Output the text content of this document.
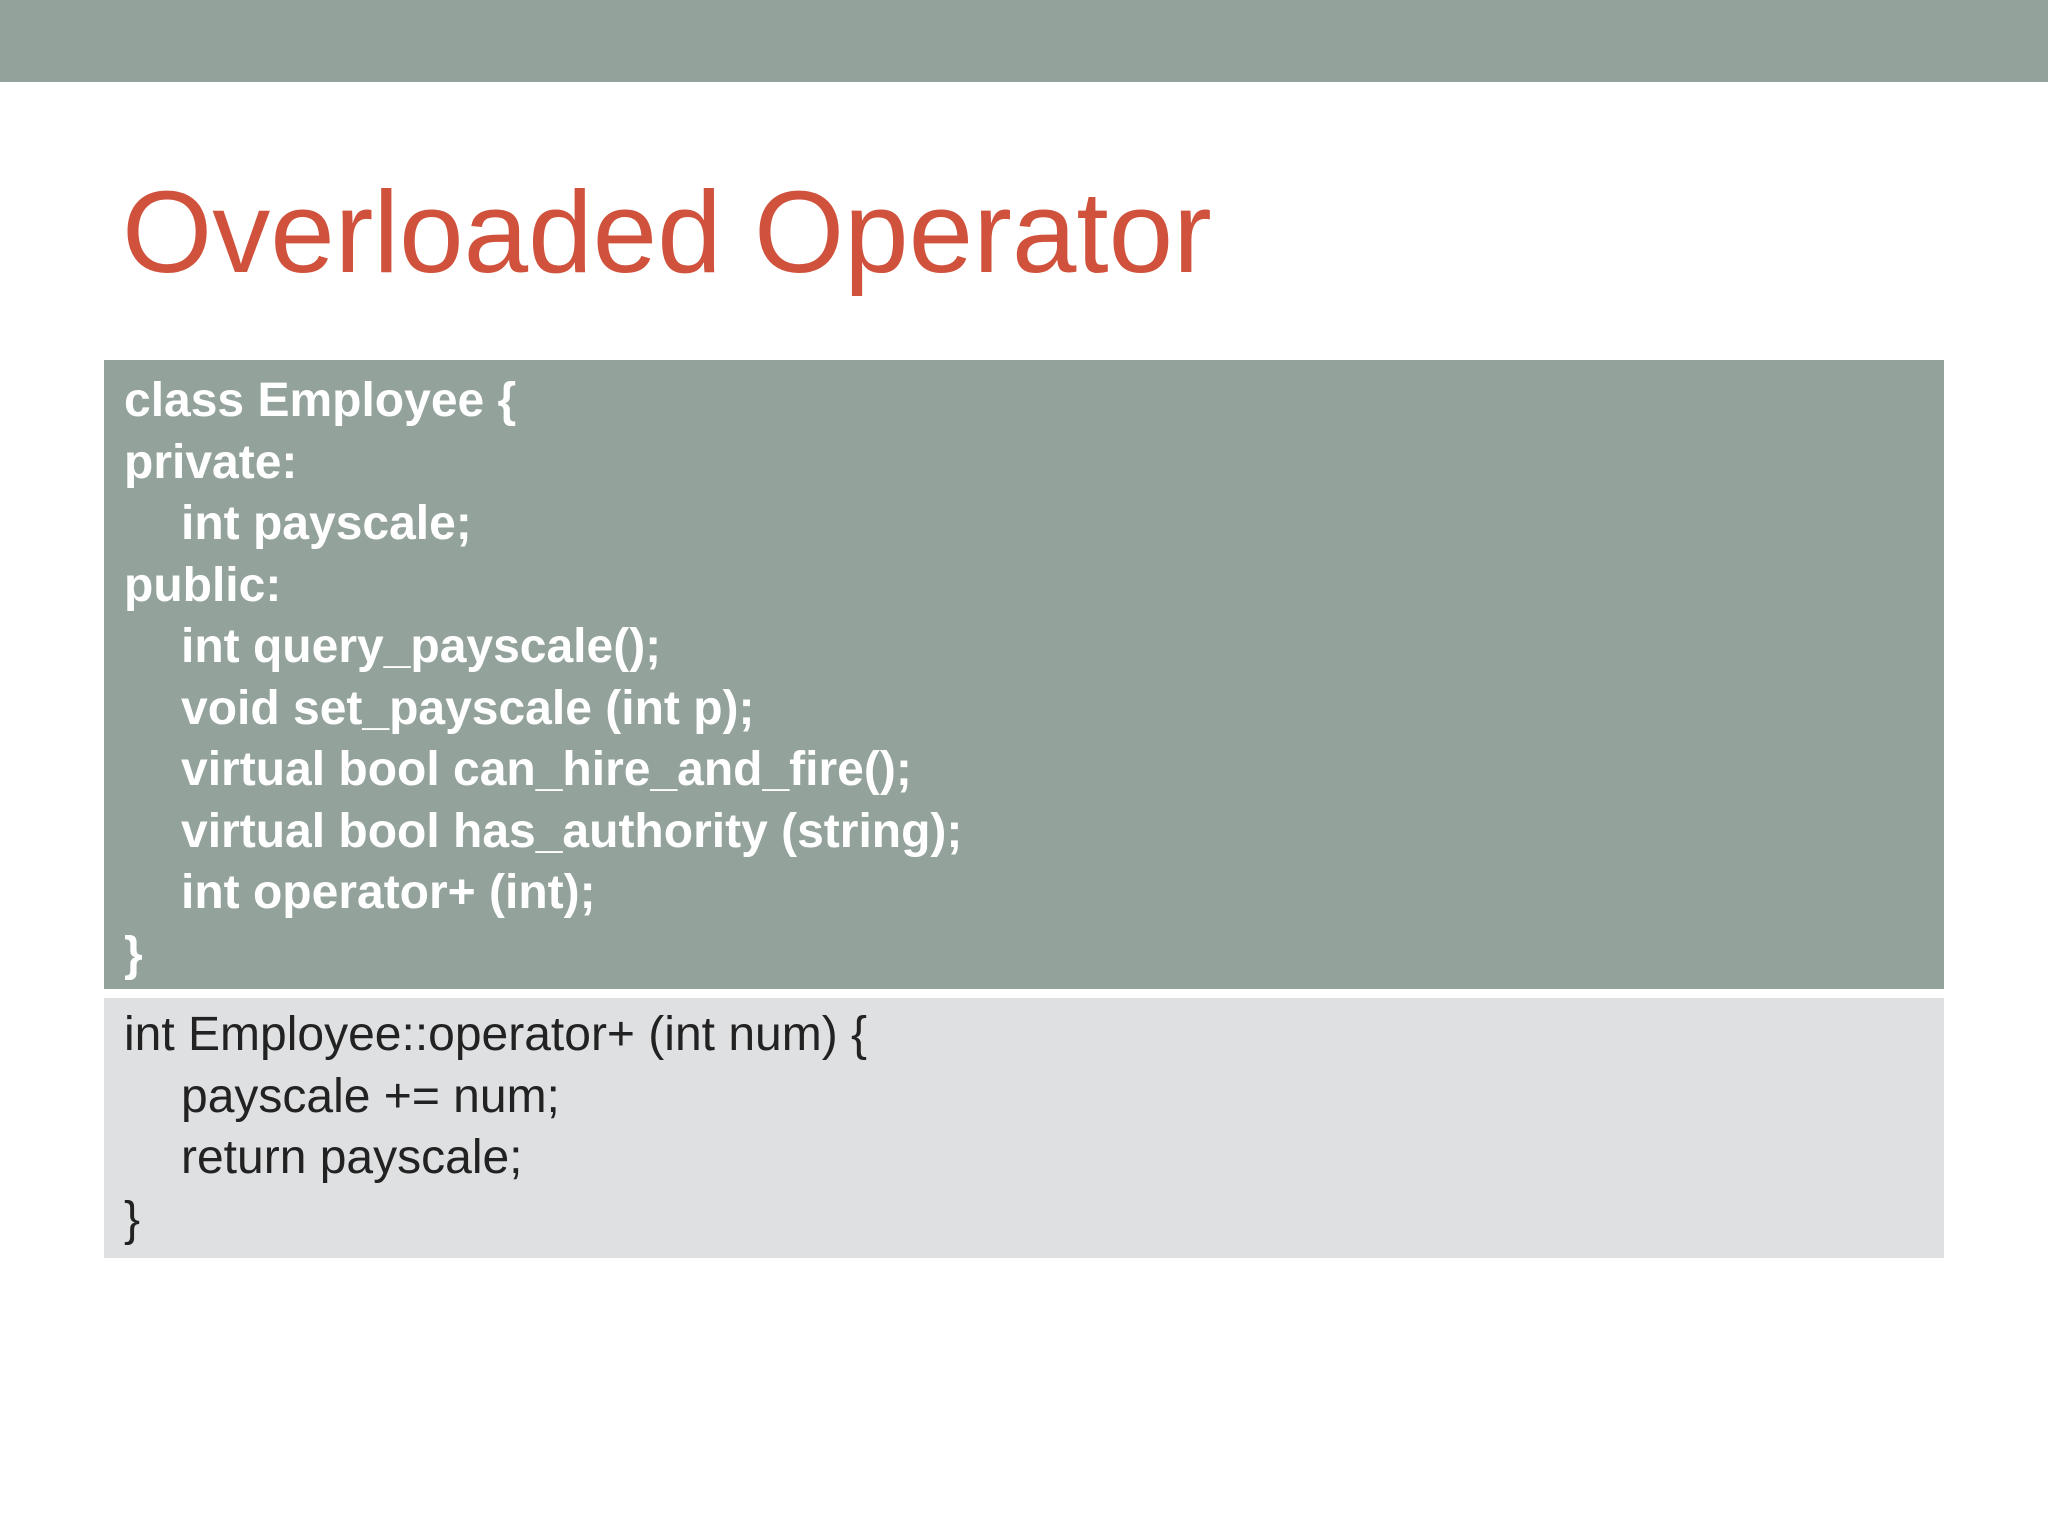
Overloaded Operator
class Employee {
private:
int payscale;
public:
int query_payscale();
void set_payscale (int p);
virtual bool can_hire_and_fire();
virtual bool has_authority (string);
int operator+ (int);
}
int Employee::operator+ (int num) {
payscale += num;
return payscale;
}
